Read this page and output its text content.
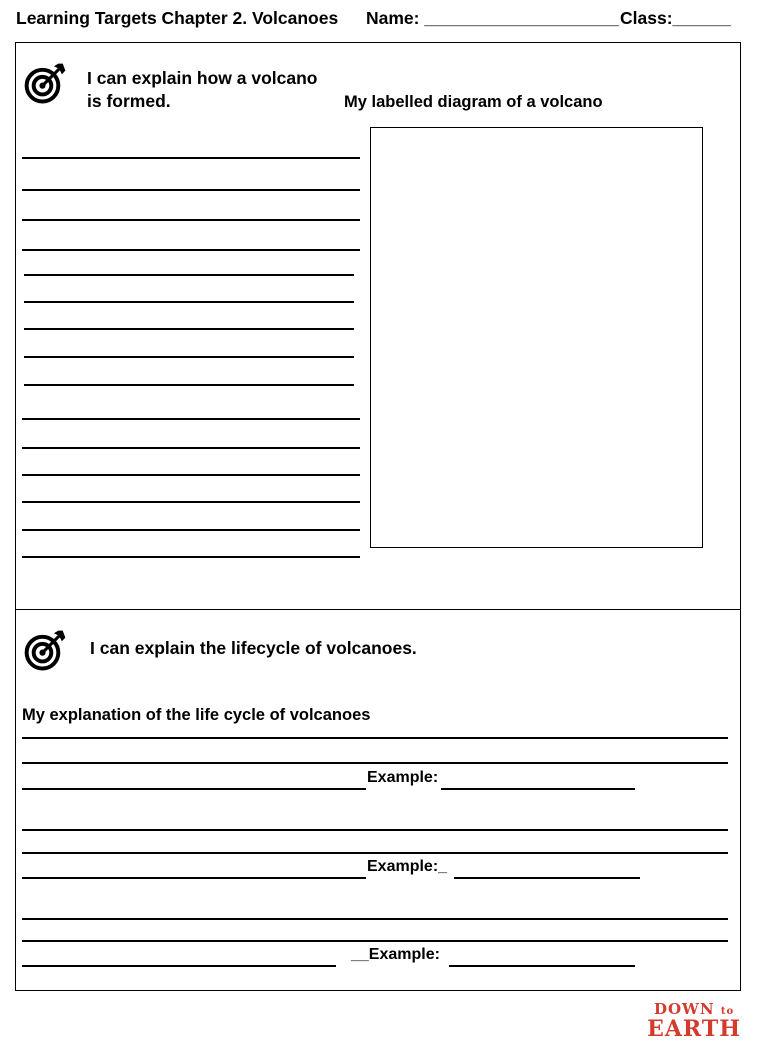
Learning Targets Chapter 2. Volcanoes Name: ____________________ Class:______
I can explain how a volcano
is formed.	My labelled diagram of a volcano
I can explain the lifecycle of volcanoes.
My explanation of the life cycle of volcanoes
Example:
Example:_
__Example:
DOWN to
EARTH
